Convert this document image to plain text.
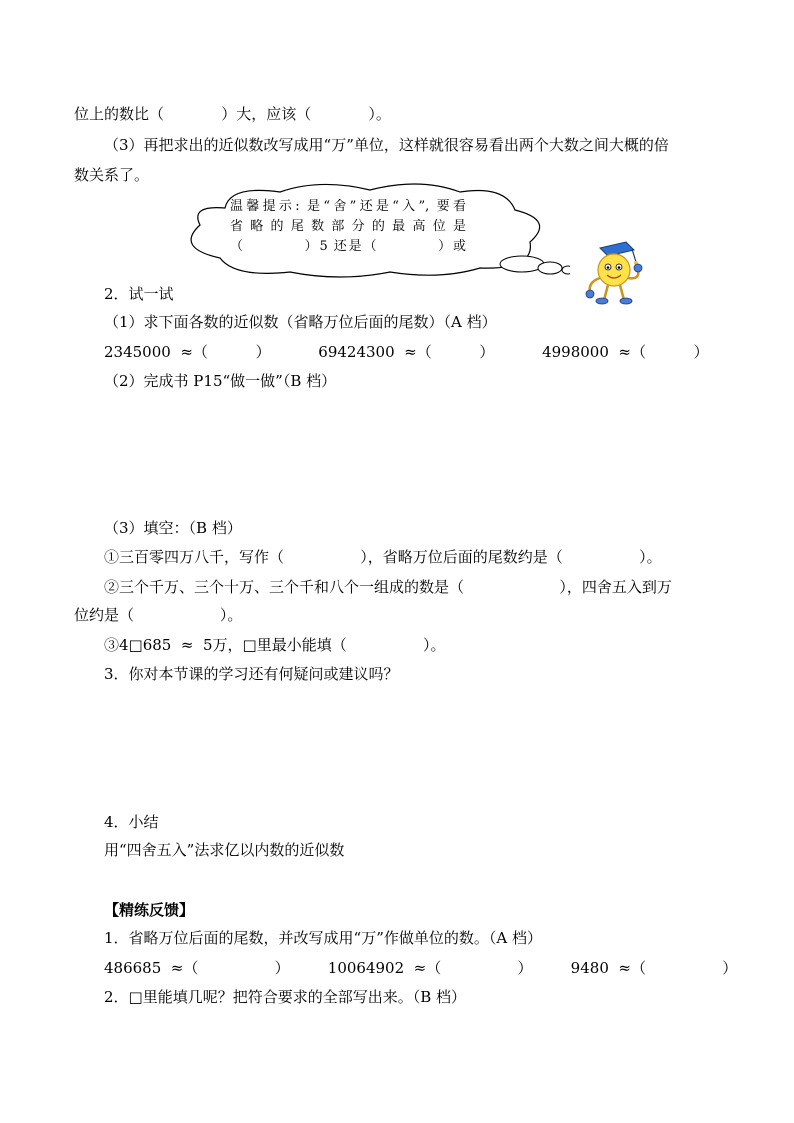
位上的数比（            ）大，应该（            ）。
（3）再把求出的近似数改写成用“万”单位，这样就很容易看出两个大数之间大概的倍
数关系了。
温馨提示: 是“舍”还是“入”, 要看
省 略 的 尾 数 部 分 的 最 高 位 是
（          ）5 还是（          ）或
2．试一试
（1）求下面各数的近似数（省略万位后面的尾数）（A 档）
2345000  ≈（          ）          69424300  ≈（          ）          4998000  ≈（          ）
（2）完成书 P15“做一做”（B 档）
（3）填空：（B 档）
①三百零四万八千，写作（                ），省略万位后面的尾数约是（                ）。
②三个千万、三个十万、三个千和八个一组成的数是（                    ），四舍五入到万
位约是（                  ）。
③4□685  ≈  5万，□里最小能填（                ）。
3．你对本节课的学习还有何疑问或建议吗？
4．小结
用“四舍五入”法求亿以内数的近似数
【精练反馈】
1．省略万位后面的尾数，并改写成用“万”作做单位的数。（A 档）
486685  ≈（                ）        10064902  ≈（                ）        9480  ≈（                ）
2．□里能填几呢？把符合要求的全部写出来。（B 档）
